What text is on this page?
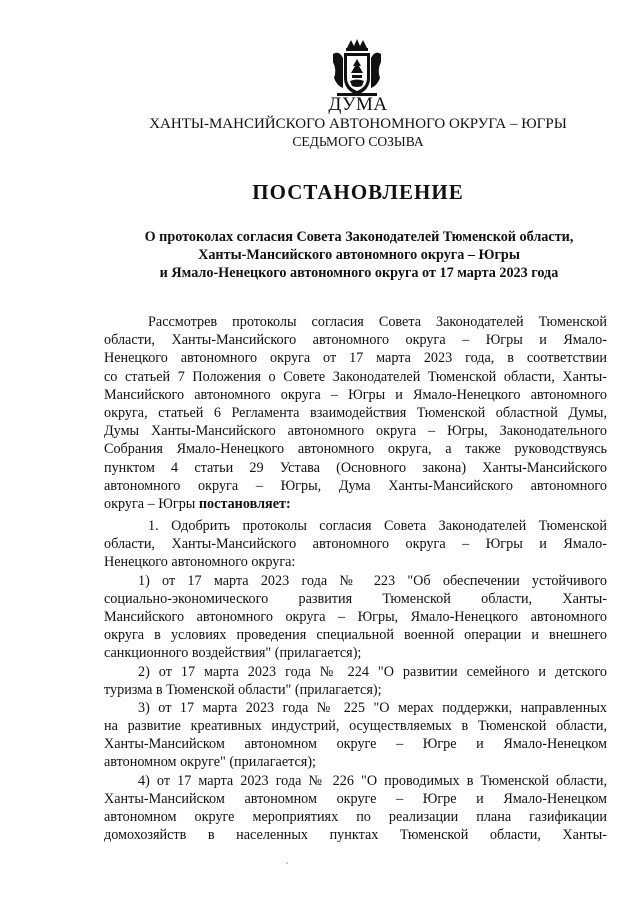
ДУМА
ХАНТЫ-МАНСИЙСКОГО АВТОНОМНОГО ОКРУГА – ЮГРЫ
СЕДЬМОГО СОЗЫВА
ПОСТАНОВЛЕНИЕ
О протоколах согласия Совета Законодателей Тюменской области,
Ханты-Мансийского автономного округа – Югры
и Ямало-Ненецкого автономного округа от 17 марта 2023 года
Рассмотрев протоколы согласия Совета Законодателей Тюменской
области, Ханты-Мансийского автономного округа – Югры и Ямало-
Ненецкого автономного округа от 17 марта 2023 года, в соответствии
со статьей 7 Положения о Совете Законодателей Тюменской области, Ханты-
Мансийского автономного округа – Югры и Ямало-Ненецкого автономного
округа, статьей 6 Регламента взаимодействия Тюменской областной Думы,
Думы Ханты-Мансийского автономного округа – Югры, Законодательного
Собрания Ямало-Ненецкого автономного округа, а также руководствуясь
пунктом 4 статьи 29 Устава (Основного закона) Ханты-Мансийского
автономного округа – Югры, Дума Ханты-Мансийского автономного
округа – Югры постановляет:
1. Одобрить протоколы согласия Совета Законодателей Тюменской
области, Ханты-Мансийского автономного округа – Югры и Ямало-
Ненецкого автономного округа:
1) от 17 марта 2023 года № 223 "Об обеспечении устойчивого
социально-экономического развития Тюменской области, Ханты-
Мансийского автономного округа – Югры, Ямало-Ненецкого автономного
округа в условиях проведения специальной военной операции и внешнего
санкционного воздействия" (прилагается);
2) от 17 марта 2023 года № 224 "О развитии семейного и детского
туризма в Тюменской области" (прилагается);
3) от 17 марта 2023 года № 225 "О мерах поддержки, направленных
на развитие креативных индустрий, осуществляемых в Тюменской области,
Ханты-Мансийском автономном округе – Югре и Ямало-Ненецком
автономном округе" (прилагается);
4) от 17 марта 2023 года № 226 "О проводимых в Тюменской области,
Ханты-Мансийском автономном округе – Югре и Ямало-Ненецком
автономном округе мероприятиях по реализации плана газификации
домохозяйств в населенных пунктах Тюменской области, Ханты-
